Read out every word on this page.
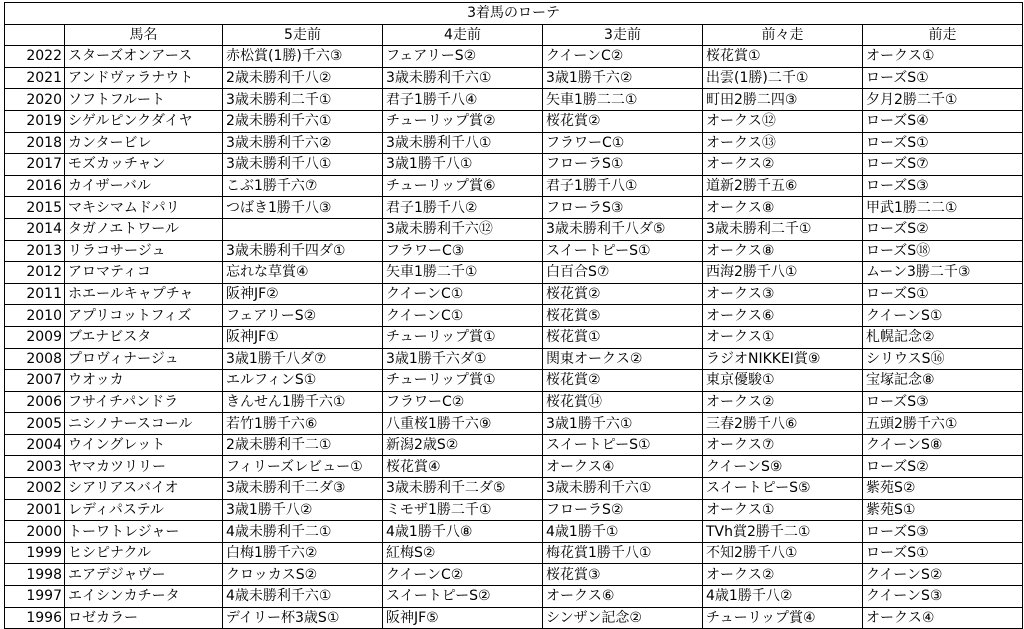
3着馬のローテ						
	馬名	5走前	4走前	3走前	前々走	前走
2022	スターズオンアース	赤松賞(1勝)千六③	フェアリーS②	クイーンC②	桜花賞①	オークス①
2021	アンドヴァラナウト	2歳未勝利千八②	3歳未勝利千六①	3歳1勝千六②	出雲(1勝)二千①	ローズS①
2020	ソフトフルート	3歳未勝利二千①	君子1勝千八④	矢車1勝二二①	町田2勝二四③	夕月2勝二千①
2019	シゲルピンクダイヤ	2歳未勝利千六①	チューリップ賞②	桜花賞②	オークス⑫	ローズS④
2018	カンタービレ	3歳未勝利千六②	3歳未勝利千八①	フラワーC①	オークス⑬	ローズS①
2017	モズカッチャン	3歳未勝利千八①	3歳1勝千八①	フローラS①	オークス②	ローズS⑦
2016	カイザーバル	こぶ1勝千六⑦	チューリップ賞⑥	君子1勝千八①	道新2勝千五⑥	ローズS③
2015	マキシマムドパリ	つばき1勝千八③	君子1勝千八②	フローラS③	オークス⑧	甲武1勝二二①
2014	タガノエトワール		3歳未勝利千六⑫	3歳未勝利千八ダ⑤	3歳未勝利二千①	ローズS②
2013	リラコサージュ	3歳未勝利千四ダ①	フラワーC③	スイートピーS①	オークス⑧	ローズS⑱
2012	アロマティコ	忘れな草賞④	矢車1勝二千①	白百合S⑦	西海2勝千八①	ムーン3勝二千③
2011	ホエールキャプチャ	阪神JF②	クイーンC①	桜花賞②	オークス③	ローズS①
2010	アプリコットフィズ	フェアリーS②	クイーンC①	桜花賞⑤	オークス⑥	クイーンS①
2009	ブエナビスタ	阪神JF①	チューリップ賞①	桜花賞①	オークス①	札幌記念②
2008	プロヴィナージュ	3歳1勝千八ダ⑦	3歳1勝千六ダ①	関東オークス②	ラジオNIKKEI賞⑨	シリウスS⑯
2007	ウオッカ	エルフィンS①	チューリップ賞①	桜花賞②	東京優駿①	宝塚記念⑧
2006	フサイチパンドラ	きんせん1勝千六①	フラワーC②	桜花賞⑭	オークス②	ローズS③
2005	ニシノナースコール	若竹1勝千六⑥	八重桜1勝千六⑨	3歳1勝千六①	三春2勝千八⑥	五頭2勝千六①
2004	ウイングレット	2歳未勝利千二①	新潟2歳S②	スイートピーS①	オークス⑦	クイーンS⑧
2003	ヤマカツリリー	フィリーズレビュー①	桜花賞④	オークス④	クイーンS⑨	ローズS②
2002	シアリアスバイオ	3歳未勝利千二ダ③	3歳未勝利千二ダ⑤	3歳未勝利千六①	スイートピーS⑤	紫苑S②
2001	レディパステル	3歳1勝千八②	ミモザ1勝二千①	フローラS②	オークス①	紫苑S①
2000	トーワトレジャー	4歳未勝利千二①	4歳1勝千八⑧	4歳1勝千①	TVh賞2勝千二①	ローズS③
1999	ヒシピナクル	白梅1勝千六②	紅梅S②	梅花賞1勝千八①	不知2勝千八①	ローズS①
1998	エアデジャヴー	クロッカスS②	クイーンC②	桜花賞③	オークス②	クイーンS②
1997	エイシンカチータ	4歳未勝利千六①	スイートピーS②	オークス⑥	4歳1勝千八②	クイーンS③
1996	ロゼカラー	デイリー杯3歳S①	阪神JF⑤	シンザン記念②	チューリップ賞④	オークス④
